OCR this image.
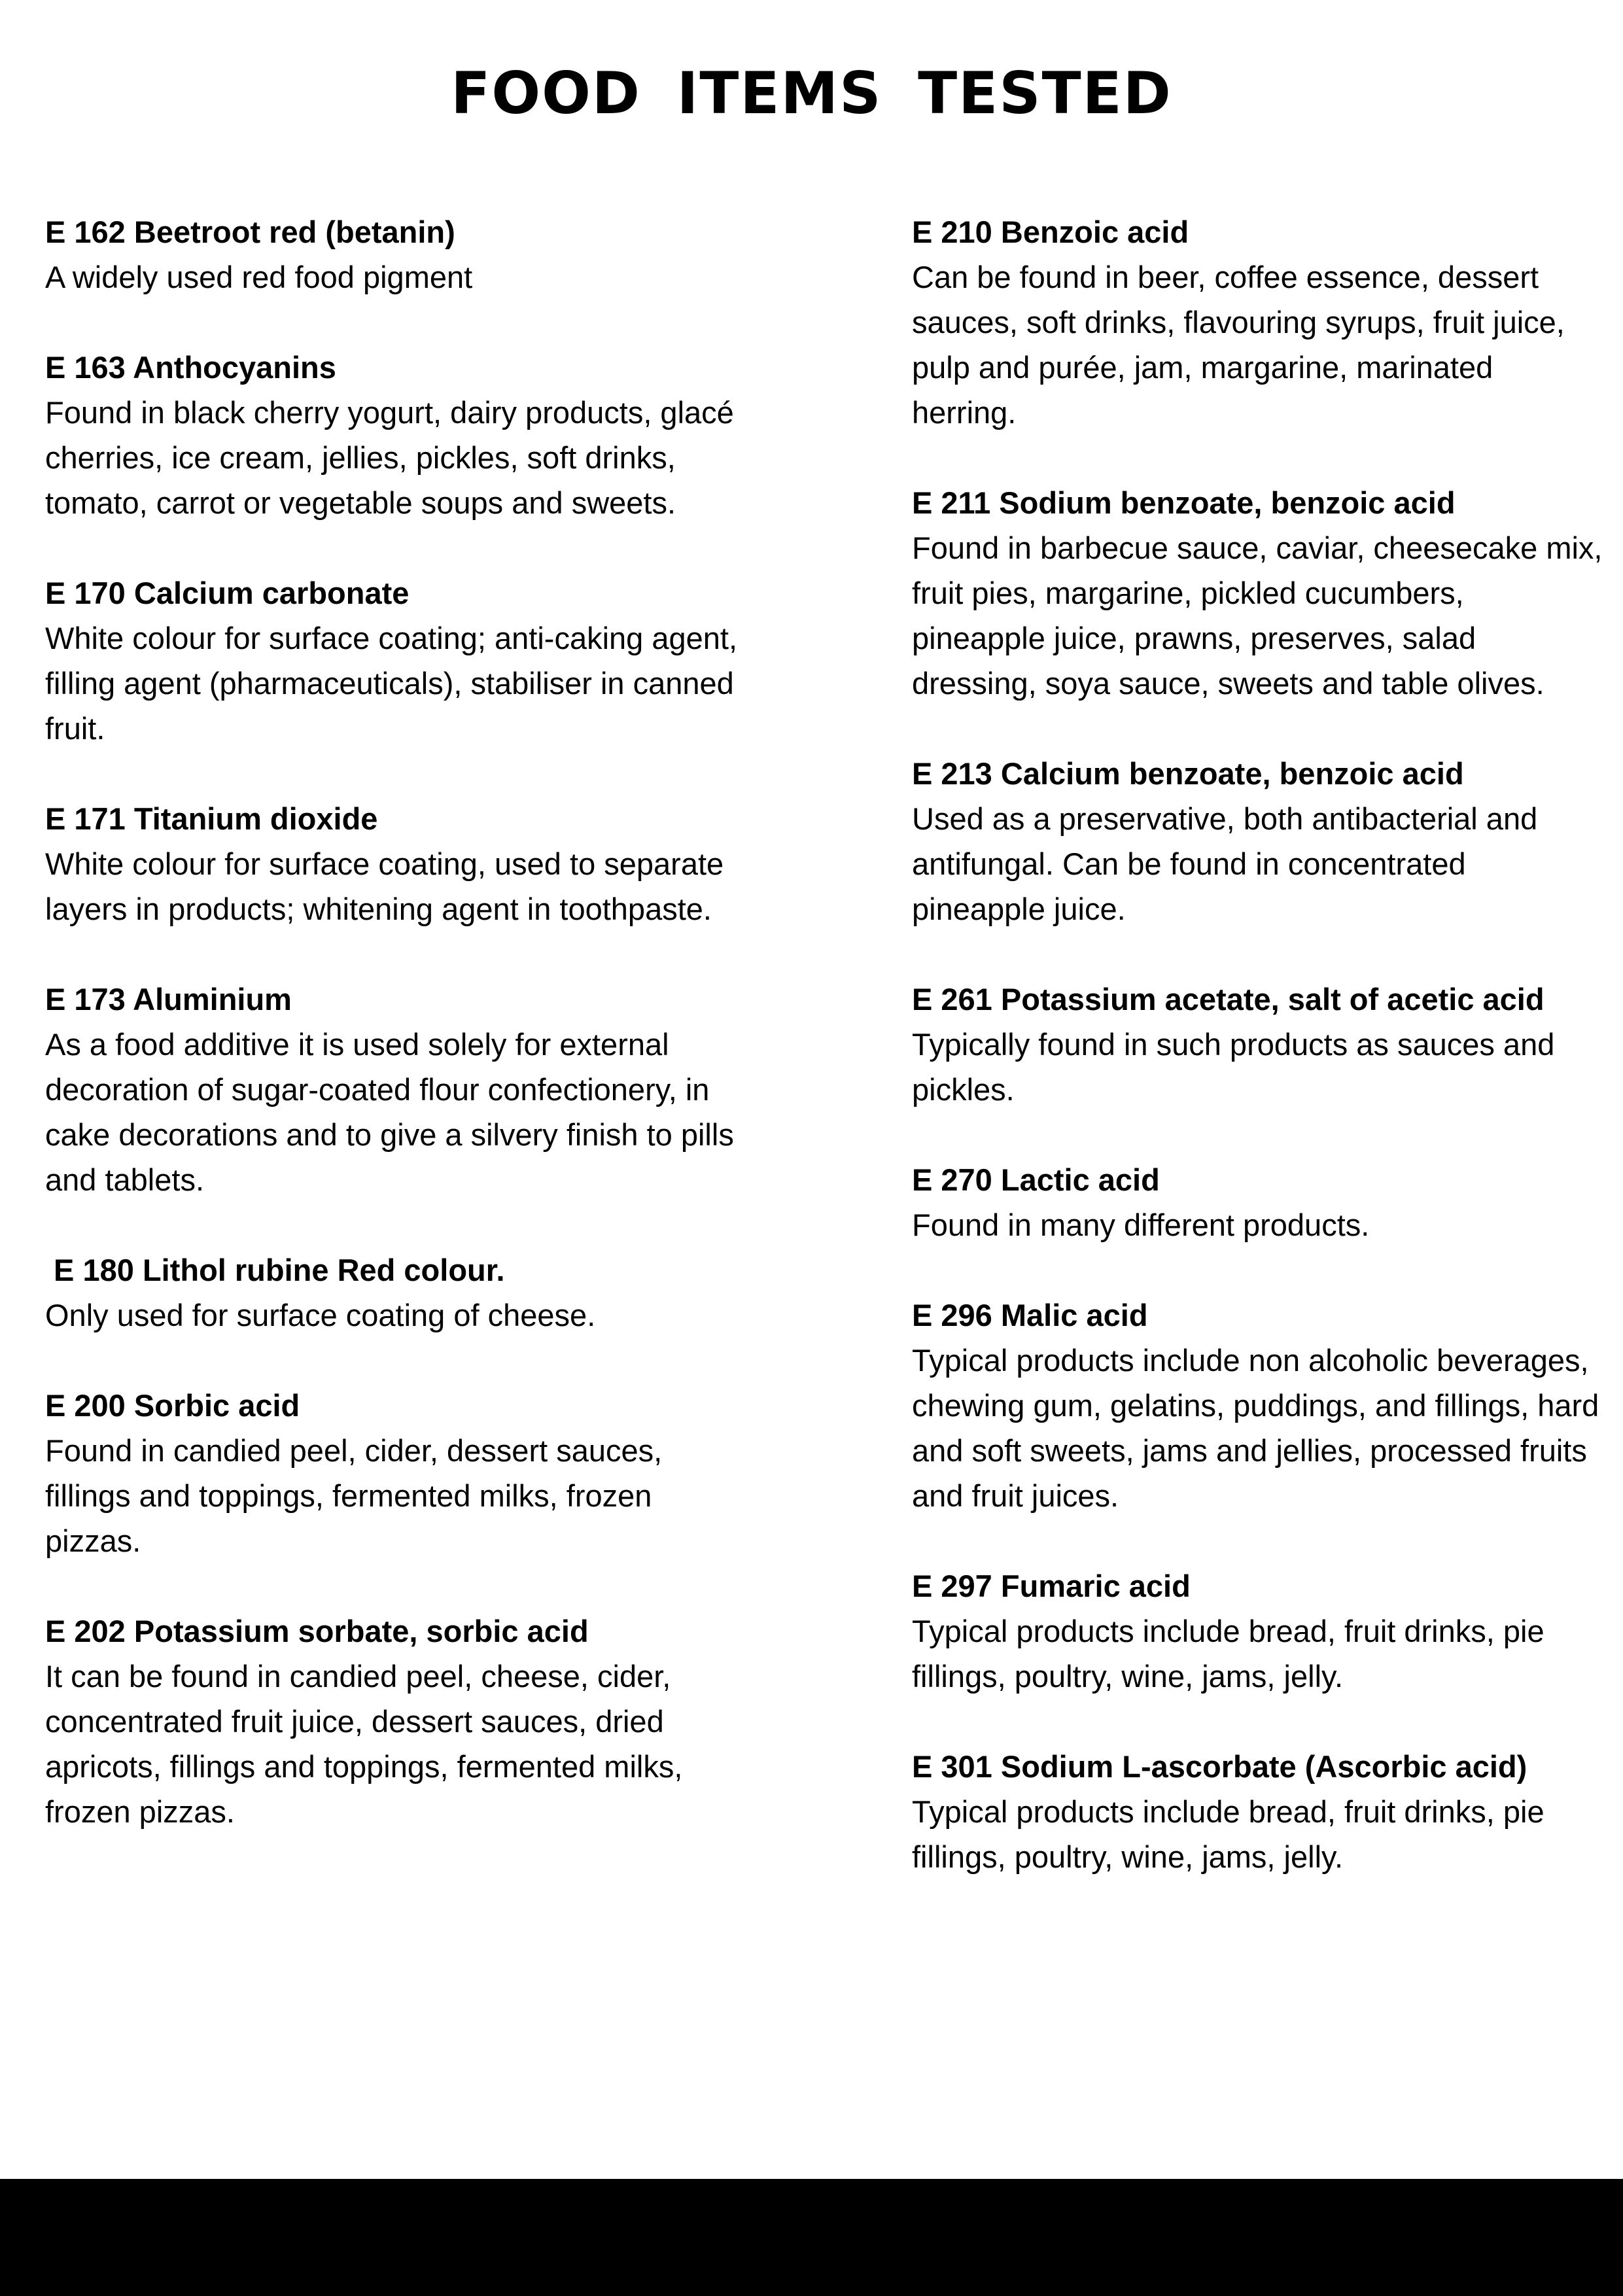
FOOD ITEMS TESTED
E 162 Beetroot red (betanin)
A widely used red food pigment
E 163 Anthocyanins
Found in black cherry yogurt, dairy products, glacé cherries, ice cream, jellies, pickles, soft drinks, tomato, carrot or vegetable soups and sweets.
E 170 Calcium carbonate
White colour for surface coating; anti-caking agent, filling agent (pharmaceuticals), stabiliser in canned fruit.
E 171 Titanium dioxide
White colour for surface coating, used to separate layers in products; whitening agent in toothpaste.
E 173 Aluminium
As a food additive it is used solely for external decoration of sugar-coated flour confectionery, in cake decorations and to give a silvery finish to pills and tablets.
E 180 Lithol rubine Red colour.
Only used for surface coating of cheese.
E 200 Sorbic acid
Found in candied peel, cider, dessert sauces, fillings and toppings, fermented milks, frozen pizzas.
E 202 Potassium sorbate, sorbic acid
It can be found in candied peel, cheese, cider, concentrated fruit juice, dessert sauces, dried apricots, fillings and toppings, fermented milks, frozen pizzas.
E 210 Benzoic acid
Can be found in beer, coffee essence, dessert sauces, soft drinks, flavouring syrups, fruit juice, pulp and purée, jam, margarine, marinated herring.
E 211 Sodium benzoate, benzoic acid
Found in barbecue sauce, caviar, cheesecake mix, fruit pies, margarine, pickled cucumbers, pineapple juice, prawns, preserves, salad dressing, soya sauce, sweets and table olives.
E 213 Calcium benzoate, benzoic acid
Used as a preservative, both antibacterial and antifungal. Can be found in concentrated pineapple juice.
E 261 Potassium acetate, salt of acetic acid
Typically found in such products as sauces and pickles.
E 270 Lactic acid
Found in many different products.
E 296 Malic acid
Typical products include non alcoholic beverages, chewing gum, gelatins, puddings, and fillings, hard and soft sweets, jams and jellies, processed fruits and fruit juices.
E 297 Fumaric acid
Typical products include bread, fruit drinks, pie fillings, poultry, wine, jams, jelly.
E 301 Sodium L-ascorbate (Ascorbic acid)
Typical products include bread, fruit drinks, pie fillings, poultry, wine, jams, jelly.
